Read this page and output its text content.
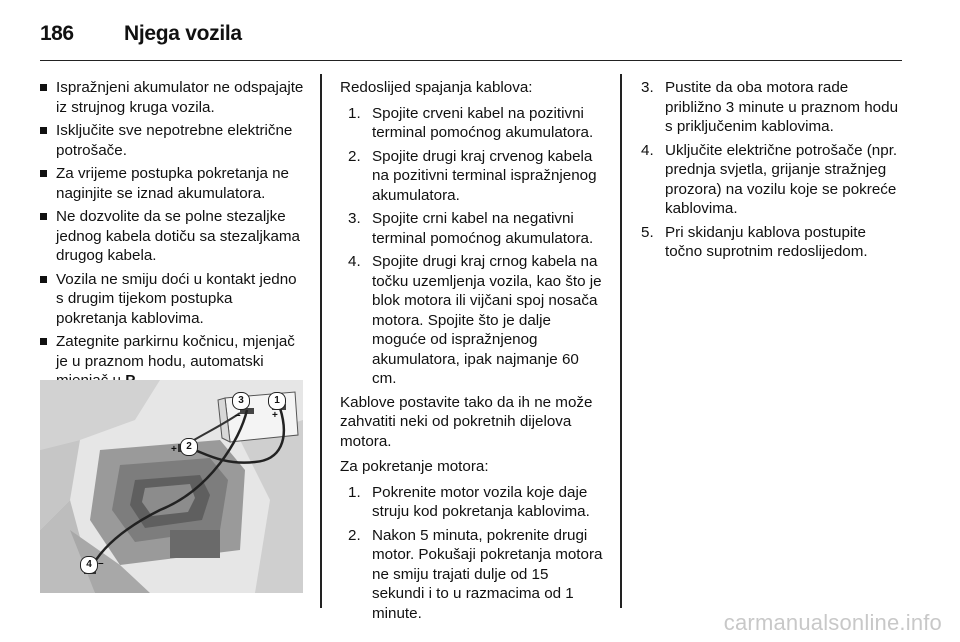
186 Njega vozila
Ispražnjeni akumulator ne odspajajte iz strujnog kruga vozila.
Isključite sve nepotrebne električne potrošače.
Za vrijeme postupka pokretanja ne naginjite se iznad akumulatora.
Ne dozvolite da se polne stezaljke jednog kabela dotiču sa stezaljkama drugog kabela.
Vozila ne smiju doći u kontakt jedno s drugim tijekom postupka pokretanja kablovima.
Zategnite parkirnu kočnicu, mjenjač je u praznom hodu, automatski
1
2
3
4
+
+
–
–

Redoslijed spajanja kablova:

1. Spojite crveni kabel na pozitivni terminal pomoćnog akumulatora.
2. Spojite drugi kraj crvenog kabela na pozitivni terminal ispražnjenog akumulatora.
3. Spojite crni kabel na negativni terminal pomoćnog akumulatora.
4. Spojite drugi kraj crnog kabela na točku uzemljenja vozila, kao što je blok motora ili vijčani spoj nosača motora. Spojite što je dalje moguće od ispražnjenog akumulatora, ipak najmanje 60 cm.

Kablove postavite tako da ih ne može zahvatiti neki od pokretnih dijelova motora.

Za pokretanje motora:

1. Pokrenite motor vozila koje daje struju kod pokretanja kablovima.
2. Nakon 5 minuta, pokrenite drugi motor. Pokušaji pokretanja motora ne smiju trajati dulje od 15 sekundi i to u razmacima od 1 minute.
3. Pustite da oba motora rade približno 3 minute u praznom hodu s priključenim kablovima.
4. Uključite električne potrošače (npr. prednja svjetla, grijanje stražnjeg prozora) na vozilu koje se pokreće kablovima.
5. Pri skidanju kablova postupite točno suprotnim redoslijedom.
carmanualsonline.info
